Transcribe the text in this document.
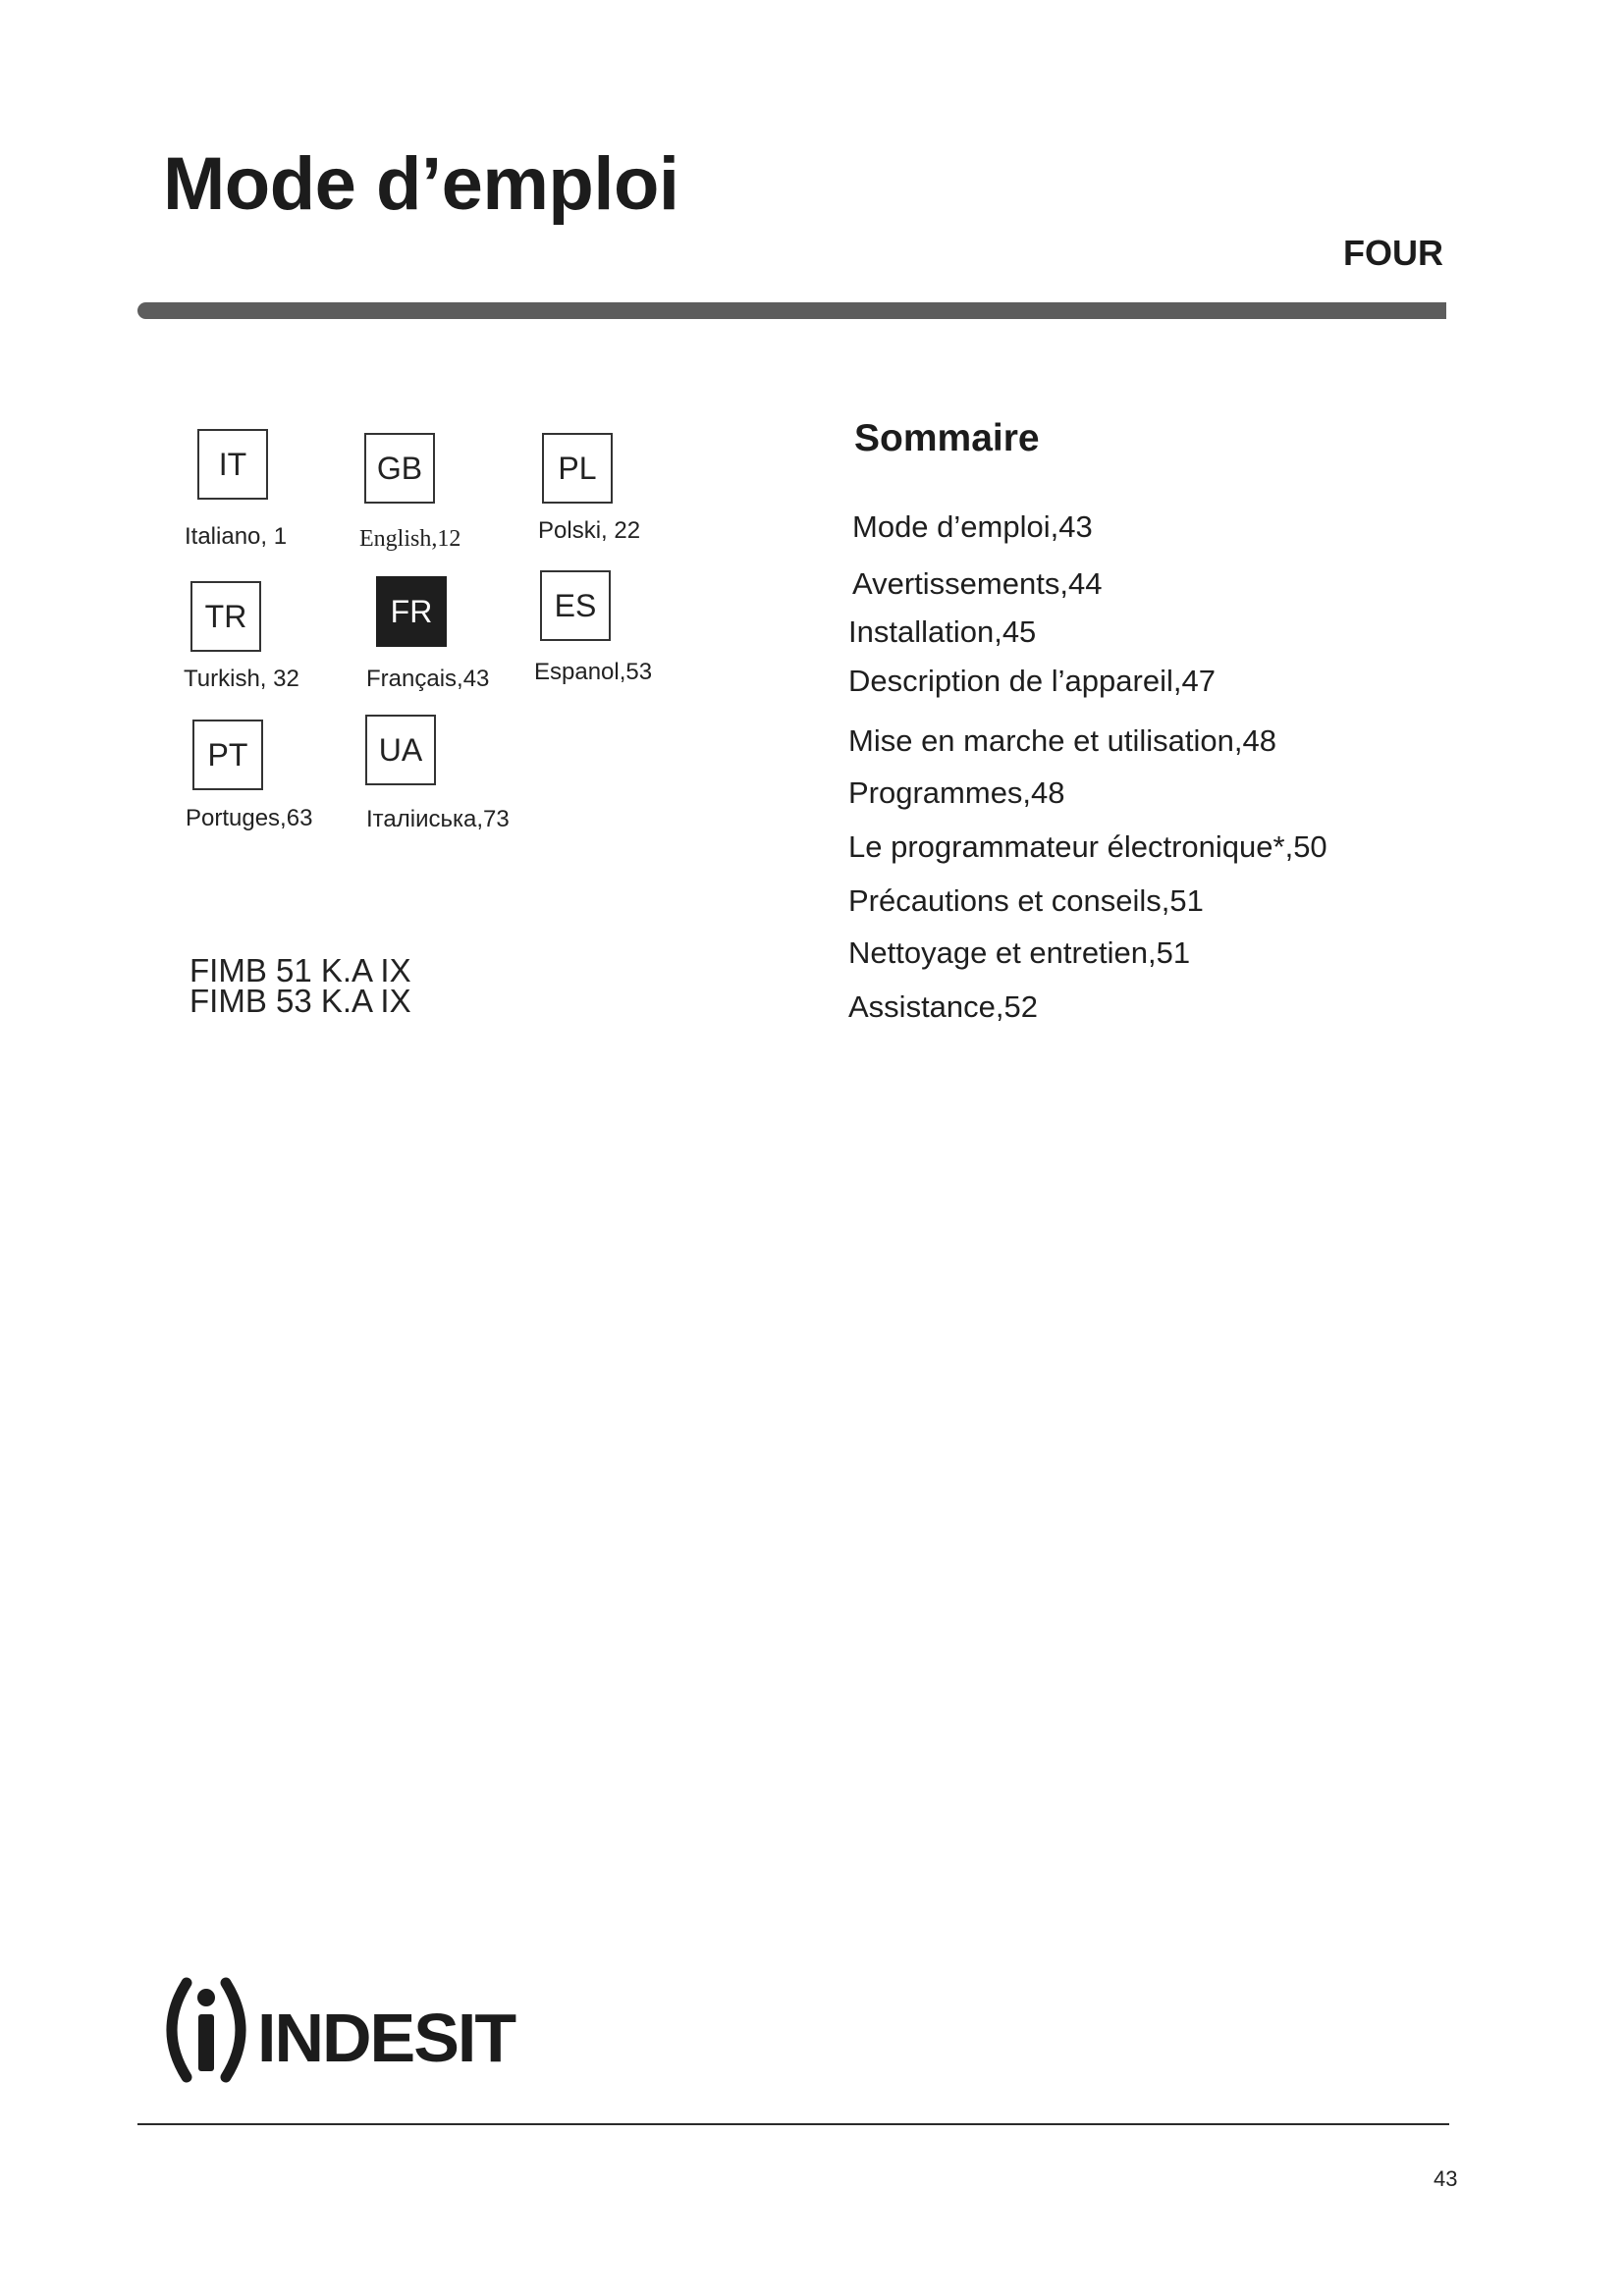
Mode d’emploi
FOUR
IT
Italiano, 1
GB
English,12
PL
Polski, 22
TR
Turkish, 32
FR
Français,43
ES
Espanol,53
PT
Portuges,63
UA
Італіиська,73
FIMB 51 K.A IX
FIMB 53 K.A IX
Sommaire
Mode d’emploi,43
Avertissements,44
Installation,45
Description de l’appareil,47
Mise en marche et utilisation,48
Programmes,48
Le programmateur électronique*,50
Précautions et conseils,51
Nettoyage et entretien,51
Assistance,52
INDESIT
43
